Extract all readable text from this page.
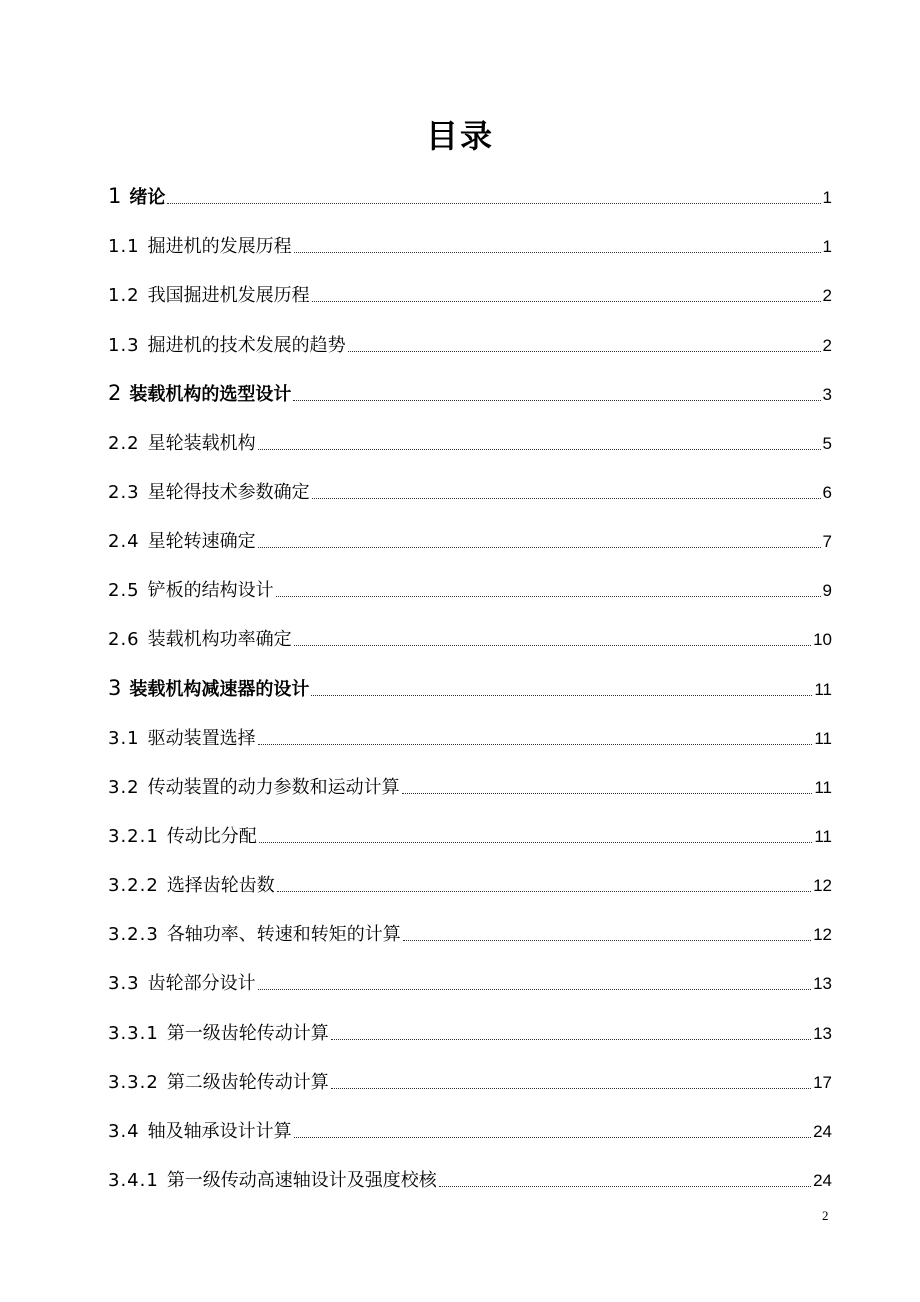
目录
1 绪论	1
1.1 掘进机的发展历程	1
1.2 我国掘进机发展历程	2
1.3 掘进机的技术发展的趋势	2
2 装载机构的选型设计	3
2.2 星轮装载机构	5
2.3 星轮得技术参数确定	6
2.4 星轮转速确定	7
2.5 铲板的结构设计	9
2.6 装载机构功率确定	10
3 装载机构减速器的设计	11
3.1 驱动装置选择	11
3.2 传动装置的动力参数和运动计算	11
3.2.1 传动比分配	11
3.2.2 选择齿轮齿数	12
3.2.3 各轴功率、转速和转矩的计算	12
3.3 齿轮部分设计	13
3.3.1 第一级齿轮传动计算	13
3.3.2 第二级齿轮传动计算	17
3.4 轴及轴承设计计算	24
3.4.1 第一级传动高速轴设计及强度校核	24
2
